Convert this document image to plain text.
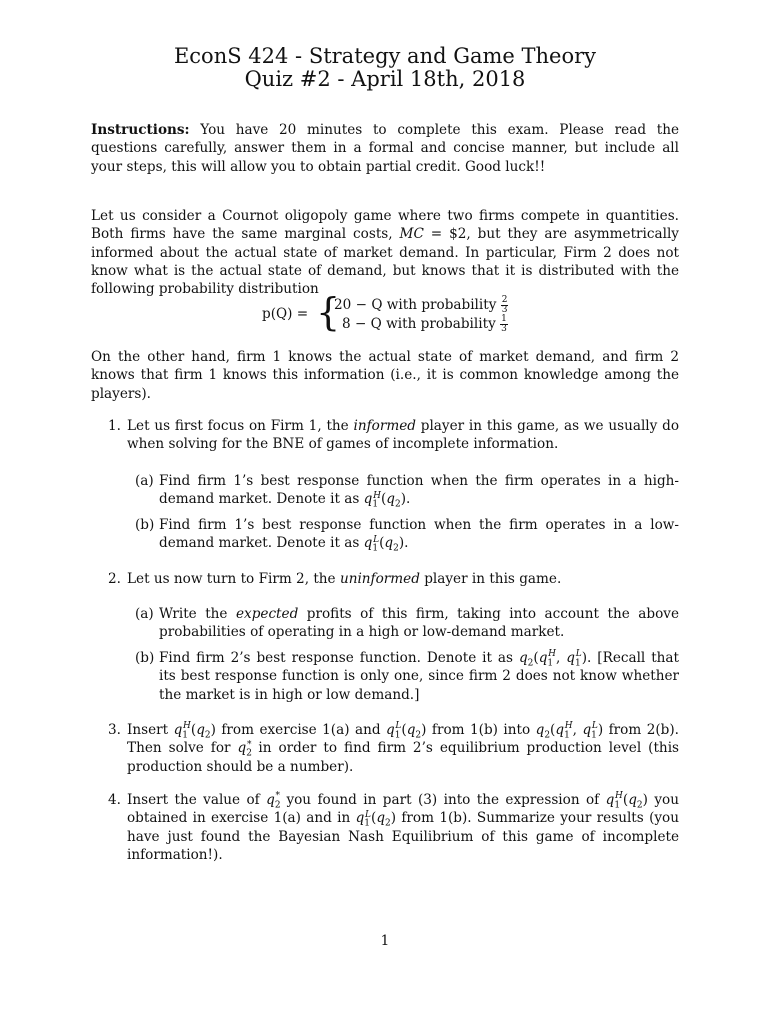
EconS 424 - Strategy and Game Theory
Quiz #2 - April 18th, 2018
Instructions: You have 20 minutes to complete this exam. Please read the questions carefully, answer them in a formal and concise manner, but include all your steps, this will allow you to obtain partial credit. Good luck!!
Let us consider a Cournot oligopoly game where two firms compete in quantities. Both firms have the same marginal costs, MC = $2, but they are asymmetrically informed about the actual state of market demand. In particular, Firm 2 does not know what is the actual state of demand, but knows that it is distributed with the following probability distribution
p(Q) = {
20 − Q with probability $\frac{2}{3}$
8 − Q with probability $\frac{1}{3}$
On the other hand, firm 1 knows the actual state of market demand, and firm 2 knows that firm 1 knows this information (i.e., it is common knowledge among the players).
1. Let us first focus on Firm 1, the informed player in this game, as we usually do when solving for the BNE of games of incomplete information.
(a) Find firm 1’s best response function when the firm operates in a high-demand market. Denote it as $q_1^H(q_2)$.
(b) Find firm 1’s best response function when the firm operates in a low-demand market. Denote it as $q_1^L(q_2)$.
2. Let us now turn to Firm 2, the uninformed player in this game.
(a) Write the expected profits of this firm, taking into account the above probabilities of operating in a high or low-demand market.
(b) Find firm 2’s best response function. Denote it as $q_2(q_1^H$, $q_1^L$). [Recall that its best response function is only one, since firm 2 does not know whether the market is in high or low demand.]
3. Insert $q_1^H(q_2)$ from exercise 1(a) and $q_1^L(q_2)$ from 1(b) into $q_2(q_1^H$, $q_1^L$) from 2(b). Then solve for $q_2^*$ in order to find firm 2’s equilibrium production level (this production should be a number).
4. Insert the value of $q_2^*$ you found in part (3) into the expression of $q_1^H(q_2)$ you obtained in exercise 1(a) and in $q_1^L(q_2)$ from 1(b). Summarize your results (you have just found the Bayesian Nash Equilibrium of this game of incomplete information!).
1
